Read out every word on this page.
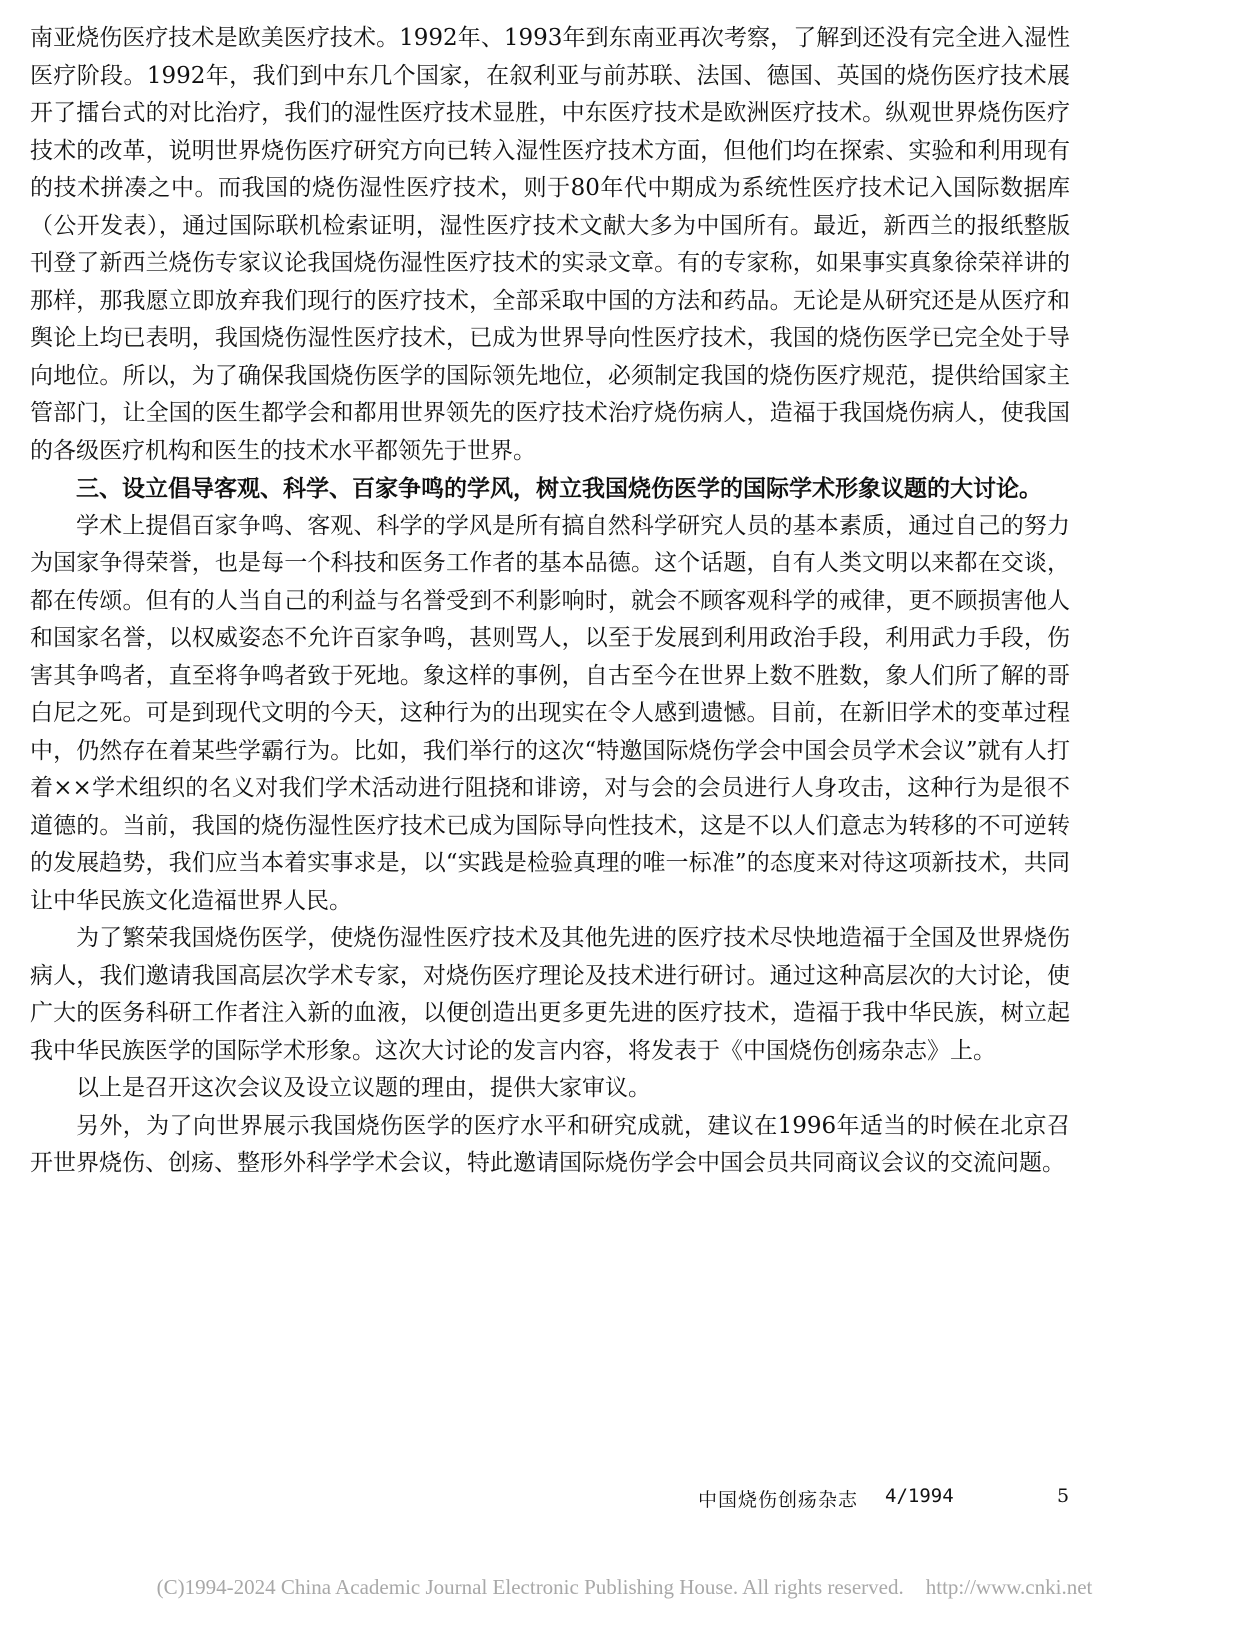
南亚烧伤医疗技术是欧美医疗技术。1992年、1993年到东南亚再次考察，了解到还没有完全进入湿性医疗阶段。1992年，我们到中东几个国家，在叙利亚与前苏联、法国、德国、英国的烧伤医疗技术展开了擂台式的对比治疗，我们的湿性医疗技术显胜，中东医疗技术是欧洲医疗技术。纵观世界烧伤医疗技术的改革，说明世界烧伤医疗研究方向已转入湿性医疗技术方面，但他们均在探索、实验和利用现有的技术拼凑之中。而我国的烧伤湿性医疗技术，则于80年代中期成为系统性医疗技术记入国际数据库（公开发表），通过国际联机检索证明，湿性医疗技术文献大多为中国所有。最近，新西兰的报纸整版刊登了新西兰烧伤专家议论我国烧伤湿性医疗技术的实录文章。有的专家称，如果事实真象徐荣祥讲的那样，那我愿立即放弃我们现行的医疗技术，全部采取中国的方法和药品。无论是从研究还是从医疗和舆论上均已表明，我国烧伤湿性医疗技术，已成为世界导向性医疗技术，我国的烧伤医学已完全处于导向地位。所以，为了确保我国烧伤医学的国际领先地位，必须制定我国的烧伤医疗规范，提供给国家主管部门，让全国的医生都学会和都用世界领先的医疗技术治疗烧伤病人，造福于我国烧伤病人，使我国的各级医疗机构和医生的技术水平都领先于世界。

三、设立倡导客观、科学、百家争鸣的学风，树立我国烧伤医学的国际学术形象议题的大讨论。

学术上提倡百家争鸣、客观、科学的学风是所有搞自然科学研究人员的基本素质，通过自己的努力为国家争得荣誉，也是每一个科技和医务工作者的基本品德。这个话题，自有人类文明以来都在交谈，都在传颂。但有的人当自己的利益与名誉受到不利影响时，就会不顾客观科学的戒律，更不顾损害他人和国家名誉，以权威姿态不允许百家争鸣，甚则骂人，以至于发展到利用政治手段，利用武力手段，伤害其争鸣者，直至将争鸣者致于死地。象这样的事例，自古至今在世界上数不胜数，象人们所了解的哥白尼之死。可是到现代文明的今天，这种行为的出现实在令人感到遗憾。目前，在新旧学术的变革过程中，仍然存在着某些学霸行为。比如，我们举行的这次“特邀国际烧伤学会中国会员学术会议”就有人打着××学术组织的名义对我们学术活动进行阻挠和诽谤，对与会的会员进行人身攻击，这种行为是很不道德的。当前，我国的烧伤湿性医疗技术已成为国际导向性技术，这是不以人们意志为转移的不可逆转的发展趋势，我们应当本着实事求是，以“实践是检验真理的唯一标准”的态度来对待这项新技术，共同让中华民族文化造福世界人民。

为了繁荣我国烧伤医学，使烧伤湿性医疗技术及其他先进的医疗技术尽快地造福于全国及世界烧伤病人，我们邀请我国高层次学术专家，对烧伤医疗理论及技术进行研讨。通过这种高层次的大讨论，使广大的医务科研工作者注入新的血液，以便创造出更多更先进的医疗技术，造福于我中华民族，树立起我中华民族医学的国际学术形象。这次大讨论的发言内容，将发表于《中国烧伤创疡杂志》上。

以上是召开这次会议及设立议题的理由，提供大家审议。

另外，为了向世界展示我国烧伤医学的医疗水平和研究成就，建议在1996年适当的时候在北京召开世界烧伤、创疡、整形外科学学术会议，特此邀请国际烧伤学会中国会员共同商议会议的交流问题。

中国烧伤创疡杂志 4/1994	5
(C)1994-2024 China Academic Journal Electronic Publishing House. All rights reserved. http://www.cnki.net
